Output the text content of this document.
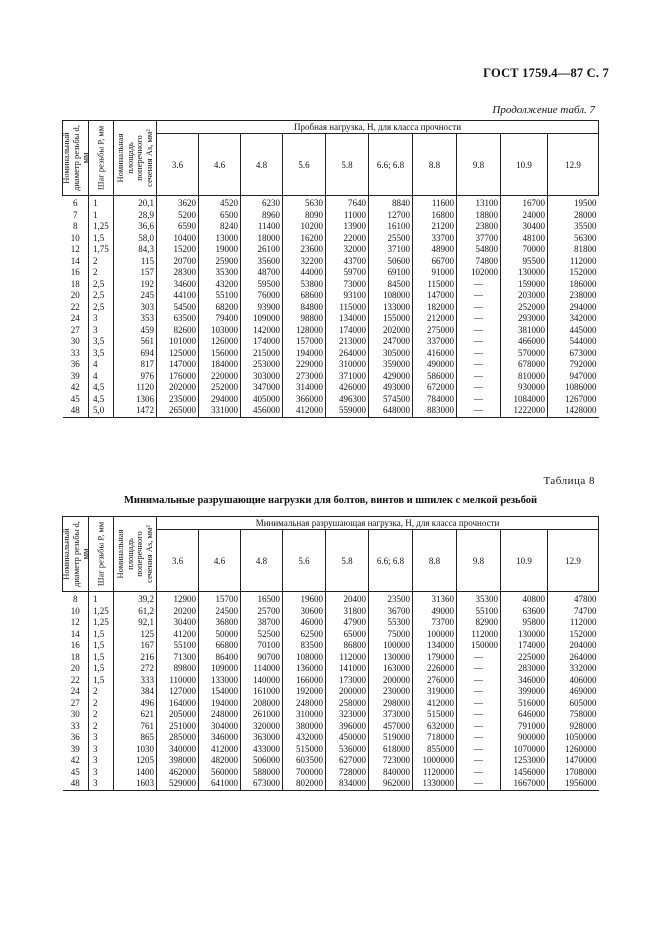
ГОСТ 1759.4—87 С. 7
Продолжение табл. 7
Номинальный диаметр резьбы d, мм	Шаг резьбы P, мм	Номинальная площадь поперечного сечения As, мм²	Пробная нагрузка, Н, для класса прочности									
			3.6	4.6	4.8	5.6	5.8	6.6; 6.8	8.8	9.8	10.9	12.9
6	1	20,1	3620	4520	6230	5630	7640	8840	11600	13100	16700	19500
7	1	28,9	5200	6500	8960	8090	11000	12700	16800	18800	24000	28000
8	1,25	36,6	6590	8240	11400	10200	13900	16100	21200	23800	30400	35500
10	1,5	58,0	10400	13000	18000	16200	22000	25500	33700	37700	48100	56300
12	1,75	84,3	15200	19000	26100	23600	32000	37100	48900	54800	70000	81800
14	2	115	20700	25900	35600	32200	43700	50600	66700	74800	95500	112000
16	2	157	28300	35300	48700	44000	59700	69100	91000	102000	130000	152000
18	2,5	192	34600	43200	59500	53800	73000	84500	115000	—	159000	186000
20	2,5	245	44100	55100	76000	68600	93100	108000	147000	—	203000	238000
22	2,5	303	54500	68200	93900	84800	115000	133000	182000	—	252000	294000
24	3	353	63500	79400	109000	98800	134000	155000	212000	—	293000	342000
27	3	459	82600	103000	142000	128000	174000	202000	275000	—	381000	445000
30	3,5	561	101000	126000	174000	157000	213000	247000	337000	—	466000	544000
33	3,5	694	125000	156000	215000	194000	264000	305000	416000	—	570000	673000
36	4	817	147000	184000	253000	229000	310000	359000	490000	—	678000	792000
39	4	976	176000	220000	303000	273000	371000	429000	586000	—	810000	947000
42	4,5	1120	202000	252000	347000	314000	426000	493000	672000	—	930000	1086000
45	4,5	1306	235000	294000	405000	366000	496300	574500	784000	—	1084000	1267000
48	5,0	1472	265000	331000	456000	412000	559000	648000	883000	—	1222000	1428000
Таблица 8
Минимальные разрушающие нагрузки для болтов, винтов и шпилек с мелкой резьбой
Номинальный диаметр резьбы d, мм	Шаг резьбы P, мм	Номинальная площадь поперечного сечения As, мм²	Минимальная разрушающая нагрузка, Н, для класса прочности									
			3.6	4.6	4.8	5.6	5.8	6.6; 6.8	8.8	9.8	10.9	12.9
8	1	39,2	12900	15700	16500	19600	20400	23500	31360	35300	40800	47800
10	1,25	61,2	20200	24500	25700	30600	31800	36700	49000	55100	63600	74700
12	1,25	92,1	30400	36800	38700	46000	47900	55300	73700	82900	95800	112000
14	1,5	125	41200	50000	52500	62500	65000	75000	100000	112000	130000	152000
16	1,5	167	55100	66800	70100	83500	86800	100000	134000	150000	174000	204000
18	1,5	216	71300	86400	90700	108000	112000	130000	179000	—	225000	264000
20	1,5	272	89800	109000	114000	136000	141000	163000	226000	—	283000	332000
22	1,5	333	110000	133000	140000	166000	173000	200000	276000	—	346000	406000
24	2	384	127000	154000	161000	192000	200000	230000	319000	—	399000	469000
27	2	496	164000	194000	208000	248000	258000	298000	412000	—	516000	605000
30	2	621	205000	248000	261000	310000	323000	373000	515000	—	646000	758000
33	2	761	251000	304000	320000	380000	396000	457000	632000	—	791000	928000
36	3	865	285000	346000	363000	432000	450000	519000	718000	—	900000	1050000
39	3	1030	340000	412000	433000	515000	536000	618000	855000	—	1070000	1260000
42	3	1205	398000	482000	506000	603500	627000	723000	1000000	—	1253000	1470000
45	3	1400	462000	560000	588000	700000	728000	840000	1120000	—	1456000	1708000
48	3	1603	529000	641000	673000	802000	834000	962000	1330000	—	1667000	1956000
